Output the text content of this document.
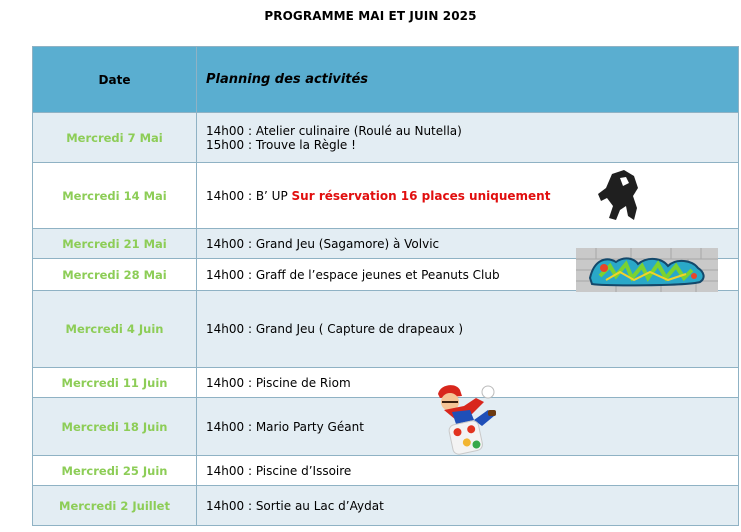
PROGRAMME MAI ET JUIN 2025
Date	Planning des activités
Mercredi 7 Mai	14h00 : Atelier culinaire (Roulé au Nutella)
15h00 : Trouve la Règle !

Mercredi 14 Mai	14h00 : B’ UP Sur réservation 16 places uniquement
Mercredi 21 Mai	14h00 : Grand Jeu (Sagamore) à Volvic
Mercredi 28 Mai	14h00 : Graff de l’espace jeunes et Peanuts Club
Mercredi 4 Juin	14h00 : Grand Jeu ( Capture de drapeaux )
Mercredi 11 Juin	14h00 : Piscine de Riom
Mercredi 18 Juin	14h00 : Mario Party Géant
Mercredi 25 Juin	14h00 : Piscine d’Issoire
Mercredi 2 Juillet	14h00 : Sortie au Lac d’Aydat
